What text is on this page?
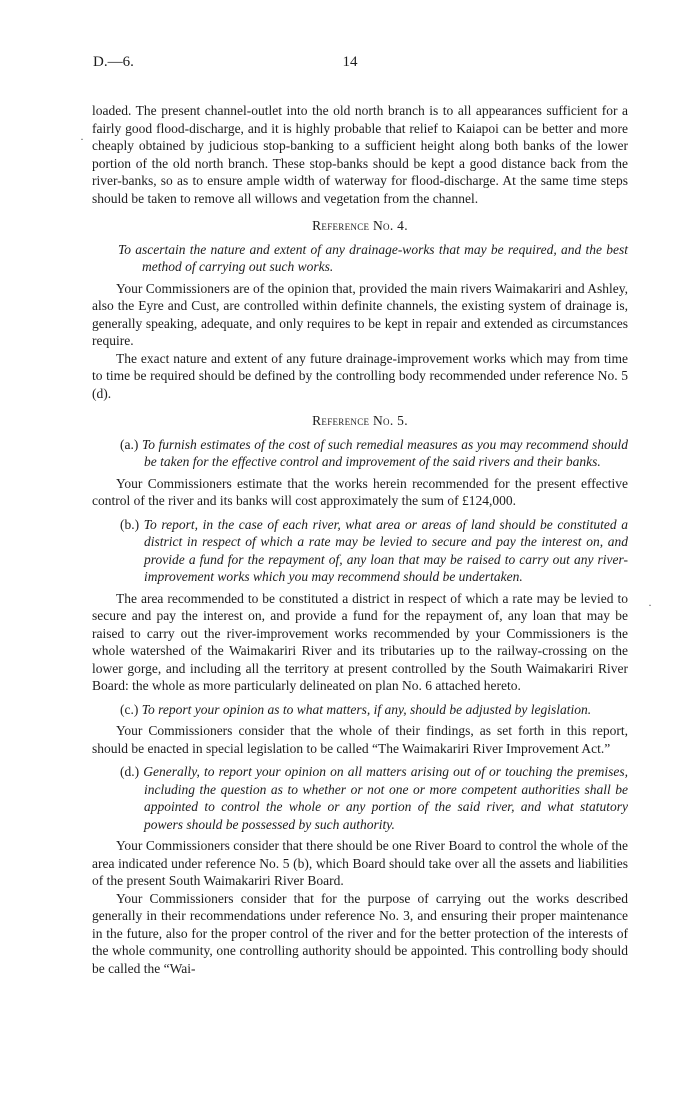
D.—6.	14
·
·

loaded. The present channel-outlet into the old north branch is to all appearances sufficient for a fairly good flood-discharge, and it is highly probable that relief to Kaiapoi can be better and more cheaply obtained by judicious stop-banking to a sufficient height along both banks of the lower portion of the old north branch. These stop-banks should be kept a good distance back from the river-banks, so as to ensure ample width of waterway for flood-discharge. At the same time steps should be taken to remove all willows and vegetation from the channel.

Reference No. 4.

To ascertain the nature and extent of any drainage-works that may be required, and the best method of carrying out such works.

Your Commissioners are of the opinion that, provided the main rivers Waimakariri and Ashley, also the Eyre and Cust, are controlled within definite channels, the existing system of drainage is, generally speaking, adequate, and only requires to be kept in repair and extended as circumstances require.

The exact nature and extent of any future drainage-improvement works which may from time to time be required should be defined by the controlling body recommended under reference No. 5 (d).

Reference No. 5.

(a.) To furnish estimates of the cost of such remedial measures as you may recommend should be taken for the effective control and improvement of the said rivers and their banks.

Your Commissioners estimate that the works herein recommended for the present effective control of the river and its banks will cost approximately the sum of £124,000.

(b.) To report, in the case of each river, what area or areas of land should be constituted a district in respect of which a rate may be levied to secure and pay the interest on, and provide a fund for the repayment of, any loan that may be raised to carry out any river-improvement works which you may recommend should be undertaken.

The area recommended to be constituted a district in respect of which a rate may be levied to secure and pay the interest on, and provide a fund for the repayment of, any loan that may be raised to carry out the river-improvement works recommended by your Commissioners is the whole watershed of the Waimakariri River and its tributaries up to the railway-crossing on the lower gorge, and including all the territory at present controlled by the South Waimakariri River Board: the whole as more particularly delineated on plan No. 6 attached hereto.

(c.) To report your opinion as to what matters, if any, should be adjusted by legislation.

Your Commissioners consider that the whole of their findings, as set forth in this report, should be enacted in special legislation to be called “The Waimakariri River Improvement Act.”

(d.) Generally, to report your opinion on all matters arising out of or touching the premises, including the question as to whether or not one or more competent authorities shall be appointed to control the whole or any portion of the said river, and what statutory powers should be possessed by such authority.

Your Commissioners consider that there should be one River Board to control the whole of the area indicated under reference No. 5 (b), which Board should take over all the assets and liabilities of the present South Waimakariri River Board.

Your Commissioners consider that for the purpose of carrying out the works described generally in their recommendations under reference No. 3, and ensuring their proper maintenance in the future, also for the proper control of the river and for the better protection of the interests of the whole community, one controlling authority should be appointed. This controlling body should be called the “Wai-
